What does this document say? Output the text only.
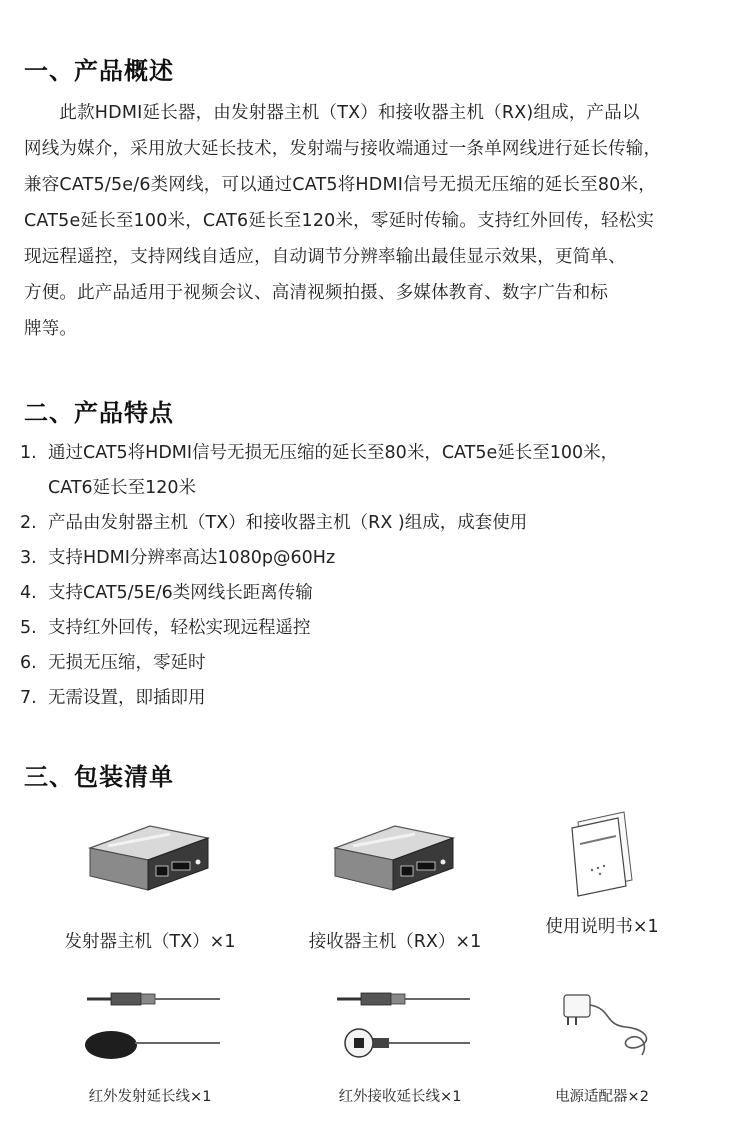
一、产品概述

　　此款HDMI延长器，由发射器主机（TX）和接收器主机（RX)组成，产品以

网线为媒介，采用放大延长技术，发射端与接收端通过一条单网线进行延长传输，

兼容CAT5/5e/6类网线，可以通过CAT5将HDMI信号无损无压缩的延长至80米，

CAT5e延长至100米，CAT6延长至120米，零延时传输。支持红外回传，轻松实

现远程遥控，支持网线自适应，自动调节分辨率输出最佳显示效果，更简单、

方便。此产品适用于视频会议、高清视频拍摄、多媒体教育、数字广告和标

牌等。

二、产品特点
1. 通过CAT5将HDMI信号无损无压缩的延长至80米，CAT5e延长至100米，
CAT6延长至120米
2. 产品由发射器主机（TX）和接收器主机（RX )组成，成套使用
3. 支持HDMI分辨率高达1080p@60Hz
4. 支持CAT5/5E/6类网线长距离传输
5. 支持红外回传，轻松实现远程遥控
6. 无损无压缩，零延时
7. 无需设置，即插即用
三、包装清单
发射器主机（TX）×1	接收器主机（RX）×1
使用说明书×1
红外发射延长线×1	红外接收延长线×1	电源适配器×2
